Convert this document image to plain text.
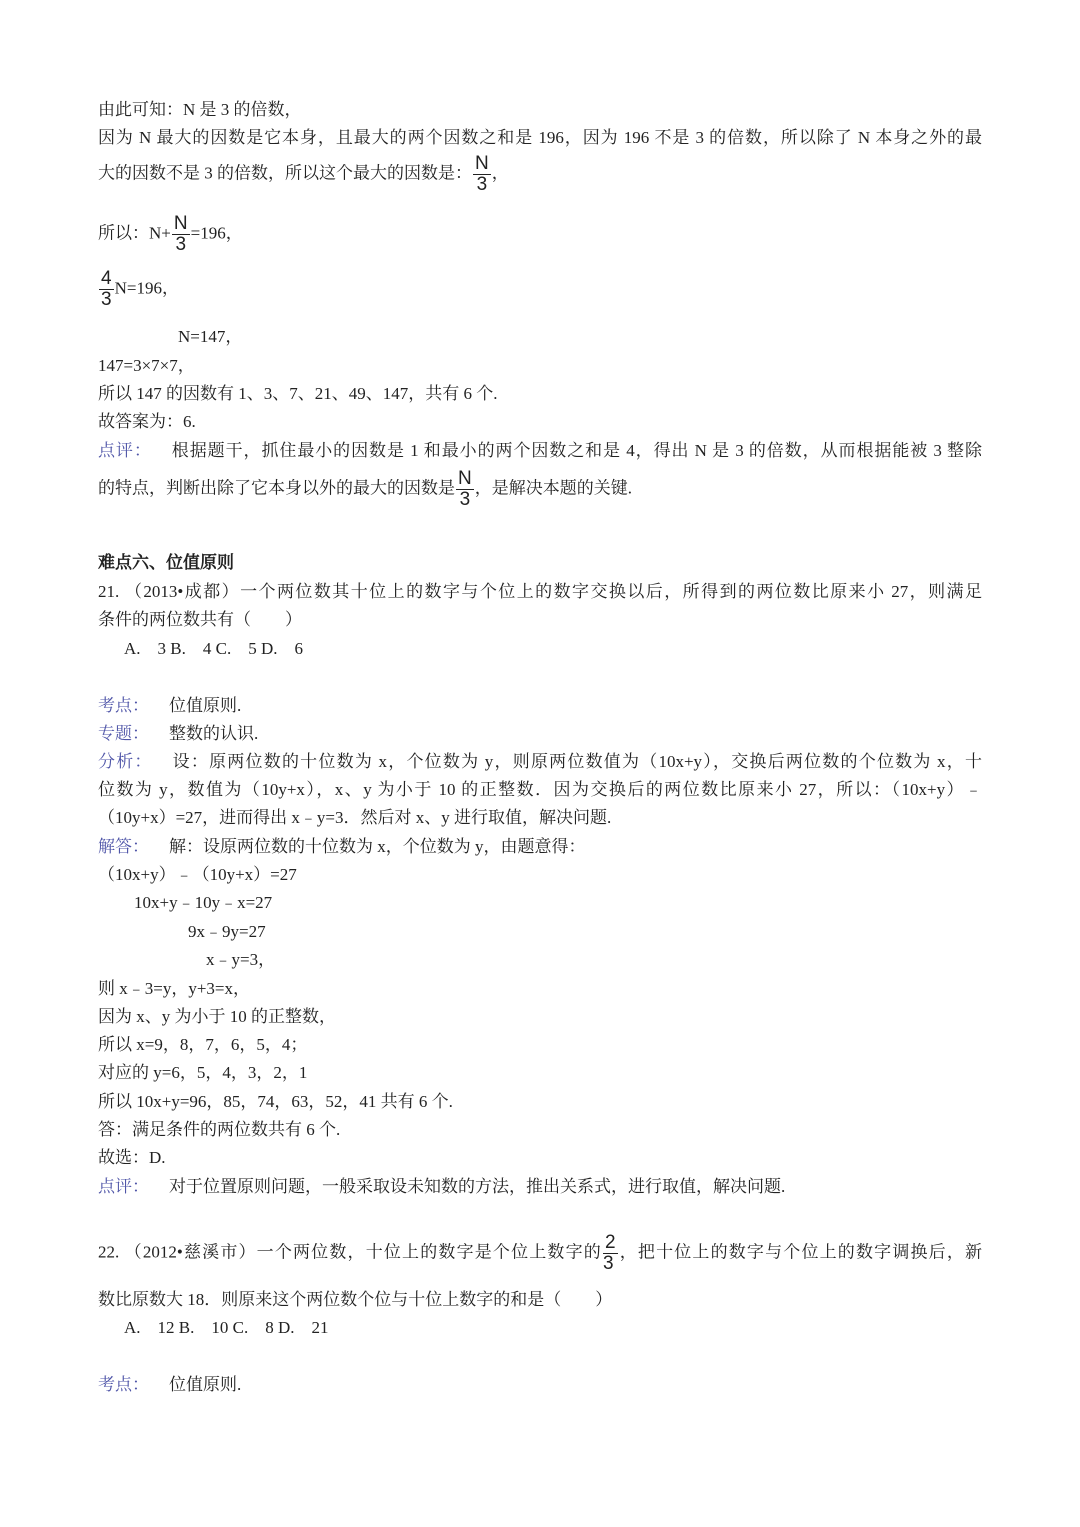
由此可知：N 是 3 的倍数，
因为 N 最大的因数是它本身，且最大的两个因数之和是 196，因为 196 不是 3 的倍数，所以除了 N 本身之外的最
大的因数不是 3 的倍数，所以这个最大的因数是： $\frac{N}{3}$ ，
所以：$N+ \frac{N}{3} =196$，
$\frac{4}{3} N=196$，
N=147，
147=3×7×7，
所以 147 的因数有 1、3、7、21、49、147，共有 6 个.
故答案为：6.
点评： 根据题干，抓住最小的因数是 1 和最小的两个因数之和是 4，得出 N 是 3 的倍数，从而根据能被 3 整除
的特点，判断出除了它本身以外的最大的因数是 $\frac{N}{3}$ ，是解决本题的关键.
难点六、位值原则
21. （2013•成都）一个两位数其十位上的数字与个位上的数字交换以后，所得到的两位数比原来小 27，则满足
条件的两位数共有（　　）
A.　3 B.　4 C.　5 D.　6
考点： 位值原则.
专题： 整数的认识.
分析： 设：原两位数的十位数为 x，个位数为 y，则原两位数值为（10x+y），交换后两位数的个位数为 x，十
位数为 y，数值为（10y+x），x、y 为小于 10 的正整数．因为交换后的两位数比原来小 27，所以：（10x+y）﹣
（10y+x）=27，进而得出 x﹣y=3．然后对 x、y 进行取值，解决问题.
解答： 解：设原两位数的十位数为 x，个位数为 y，由题意得：
（10x+y）﹣（10y+x）=27
10x+y﹣10y﹣x=27
9x﹣9y=27
x﹣y=3，
则 x﹣3=y，y+3=x，
因为 x、y 为小于 10 的正整数，
所以 x=9，8，7，6，5，4；
对应的 y=6，5，4，3，2，1
所以 10x+y=96，85，74，63，52，41 共有 6 个.
答：满足条件的两位数共有 6 个.
故选：D.
点评： 对于位置原则问题，一般采取设未知数的方法，推出关系式，进行取值，解决问题.
22. （2012•慈溪市）一个两位数，十位上的数字是个位上数字的 $\frac{2}{3}$ ，把十位上的数字与个位上的数字调换后，新
数比原数大 18．则原来这个两位数个位与十位上数字的和是（　　）
A.　12 B.　10 C.　8 D.　21
考点： 位值原则.
